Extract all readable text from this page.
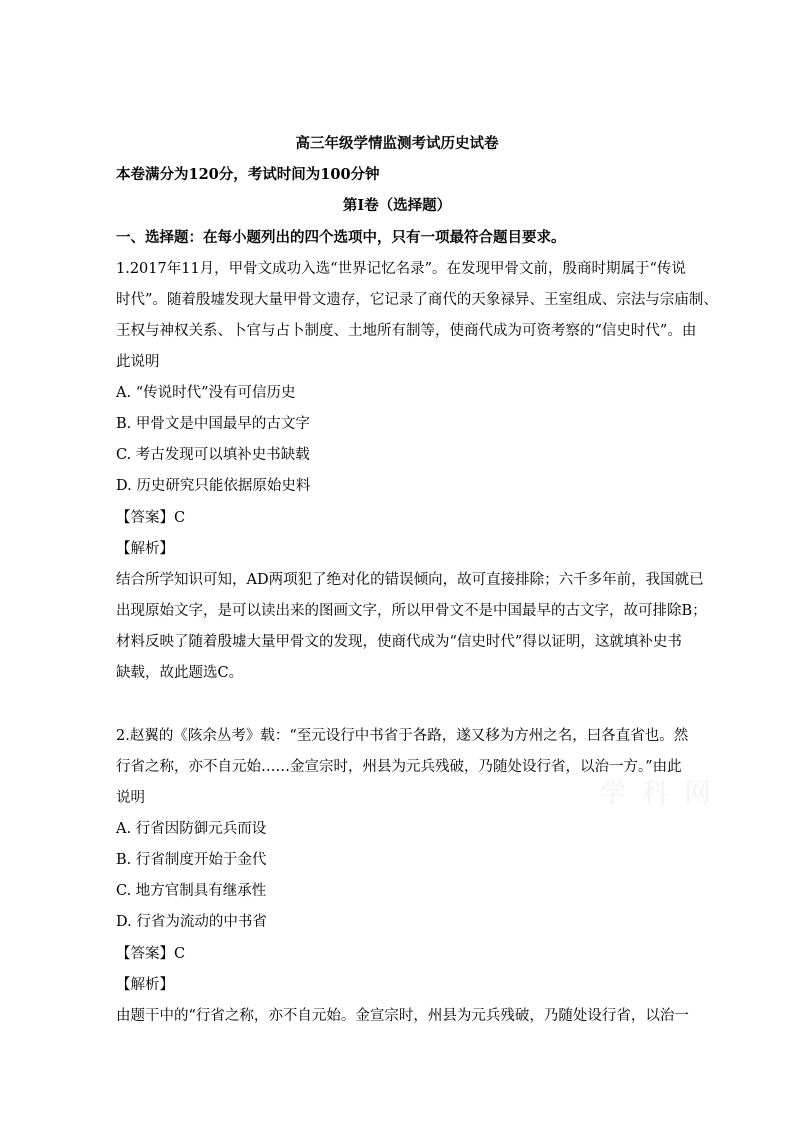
高三年级学情监测考试历史试卷
本卷满分为120分，考试时间为100分钟
第I卷（选择题）
一、选择题：在每小题列出的四个选项中，只有一项最符合题目要求。
1.2017年11月，甲骨文成功入选“世界记忆名录”。在发现甲骨文前，殷商时期属于“传说
时代”。随着殷墟发现大量甲骨文遗存，它记录了商代的天象禄异、王室组成、宗法与宗庙制、
王权与神权关系、卜官与占卜制度、土地所有制等，使商代成为可资考察的“信史时代”。由
此说明
A. “传说时代”没有可信历史
B. 甲骨文是中国最早的古文字
C. 考古发现可以填补史书缺载
D. 历史研究只能依据原始史料
【答案】C
【解析】
结合所学知识可知，AD两项犯了绝对化的错误倾向，故可直接排除；六千多年前，我国就已
出现原始文字，是可以读出来的图画文字，所以甲骨文不是中国最早的古文字，故可排除B；
材料反映了随着殷墟大量甲骨文的发现，使商代成为“信史时代”得以证明，这就填补史书
缺载，故此题选C。
2.赵翼的《陔余丛考》载：“至元设行中书省于各路，遂又移为方州之名，曰各直省也。然
行省之称，亦不自元始……金宣宗时，州县为元兵残破，乃随处设行省，以治一方。”由此
说明
A. 行省因防御元兵而设
B. 行省制度开始于金代
C. 地方官制具有继承性
D. 行省为流动的中书省
【答案】C
【解析】
由题干中的“行省之称，亦不自元始。金宣宗时，州县为元兵残破，乃随处设行省，以治一
学 科 网
